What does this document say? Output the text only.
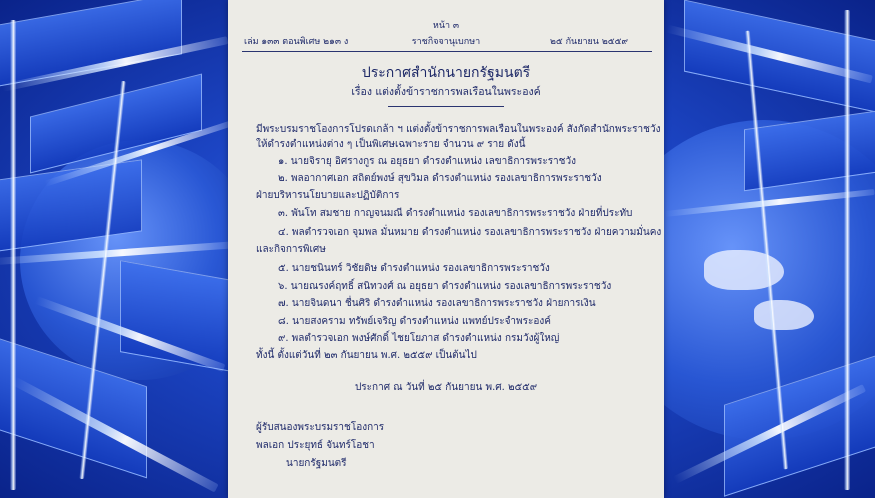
หน้า ๓
เล่ม ๑๓๓ ตอนพิเศษ ๒๑๓ ง	ราชกิจจานุเบกษา	๒๕ กันยายน ๒๕๕๙
ประกาศสำนักนายกรัฐมนตรี
เรื่อง แต่งตั้งข้าราชการพลเรือนในพระองค์
มีพระบรมราชโองการโปรดเกล้า ฯ แต่งตั้งข้าราชการพลเรือนในพระองค์ สังกัดสำนักพระราชวัง
ให้ดำรงตำแหน่งต่าง ๆ เป็นพิเศษเฉพาะราย จำนวน ๙ ราย ดังนี้
๑. นายจิรายุ อิศรางกูร ณ อยุธยา ดำรงตำแหน่ง เลขาธิการพระราชวัง
๒. พลอากาศเอก สถิตย์พงษ์ สุขวิมล ดำรงตำแหน่ง รองเลขาธิการพระราชวัง
ฝ่ายบริหารนโยบายและปฏิบัติการ
๓. พันโท สมชาย กาญจนมณี ดำรงตำแหน่ง รองเลขาธิการพระราชวัง ฝ่ายที่ประทับ
๔. พลตำรวจเอก จุมพล มั่นหมาย ดำรงตำแหน่ง รองเลขาธิการพระราชวัง ฝ่ายความมั่นคง
และกิจการพิเศษ
๕. นายชนินทร์ วิชัยดิษ ดำรงตำแหน่ง รองเลขาธิการพระราชวัง
๖. นายณรงค์ฤทธิ์ สนิทวงศ์ ณ อยุธยา ดำรงตำแหน่ง รองเลขาธิการพระราชวัง
๗. นายจินดนา ชื่นศิริ ดำรงตำแหน่ง รองเลขาธิการพระราชวัง ฝ่ายการเงิน
๘. นายสงคราม ทรัพย์เจริญ ดำรงตำแหน่ง แพทย์ประจำพระองค์
๙. พลตำรวจเอก พงษ์ศักดิ์ ไชยโยภาส ดำรงตำแหน่ง กรมวังผู้ใหญ่
ทั้งนี้ ตั้งแต่วันที่ ๒๓ กันยายน พ.ศ. ๒๕๕๙ เป็นต้นไป
ประกาศ ณ วันที่ ๒๕ กันยายน พ.ศ. ๒๕๕๙
ผู้รับสนองพระบรมราชโองการ
พลเอก ประยุทธ์ จันทร์โอชา
นายกรัฐมนตรี
